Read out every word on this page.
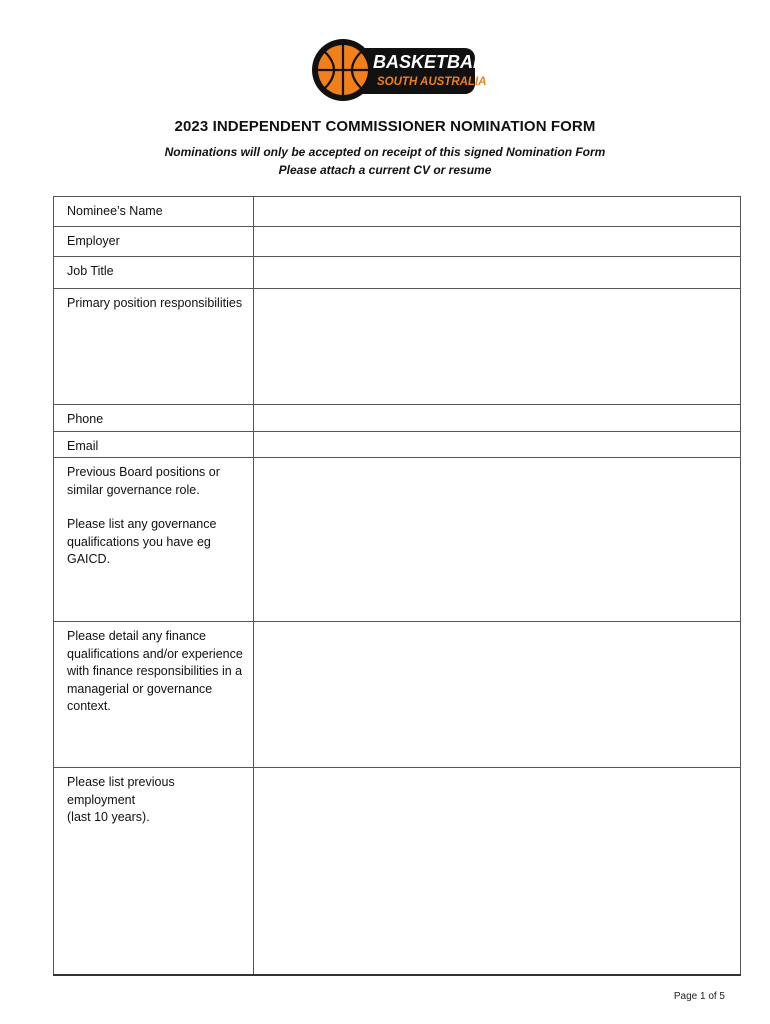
BASKETBALL
SOUTH AUSTRALIA
2023 INDEPENDENT COMMISSIONER NOMINATION FORM
Nominations will only be accepted on receipt of this signed Nomination Form
Please attach a current CV or resume
Nominee’s Name	
Employer	
Job Title	
Primary position responsibilities	
Phone	
Email	

Previous Board positions or similar governance role.

Please list any governance qualifications you have eg GAICD.	

Please detail any finance qualifications and/or experience with finance responsibilities in a managerial or governance context.	
Please list previous employment
(last 10 years).	
Page 1 of 5
